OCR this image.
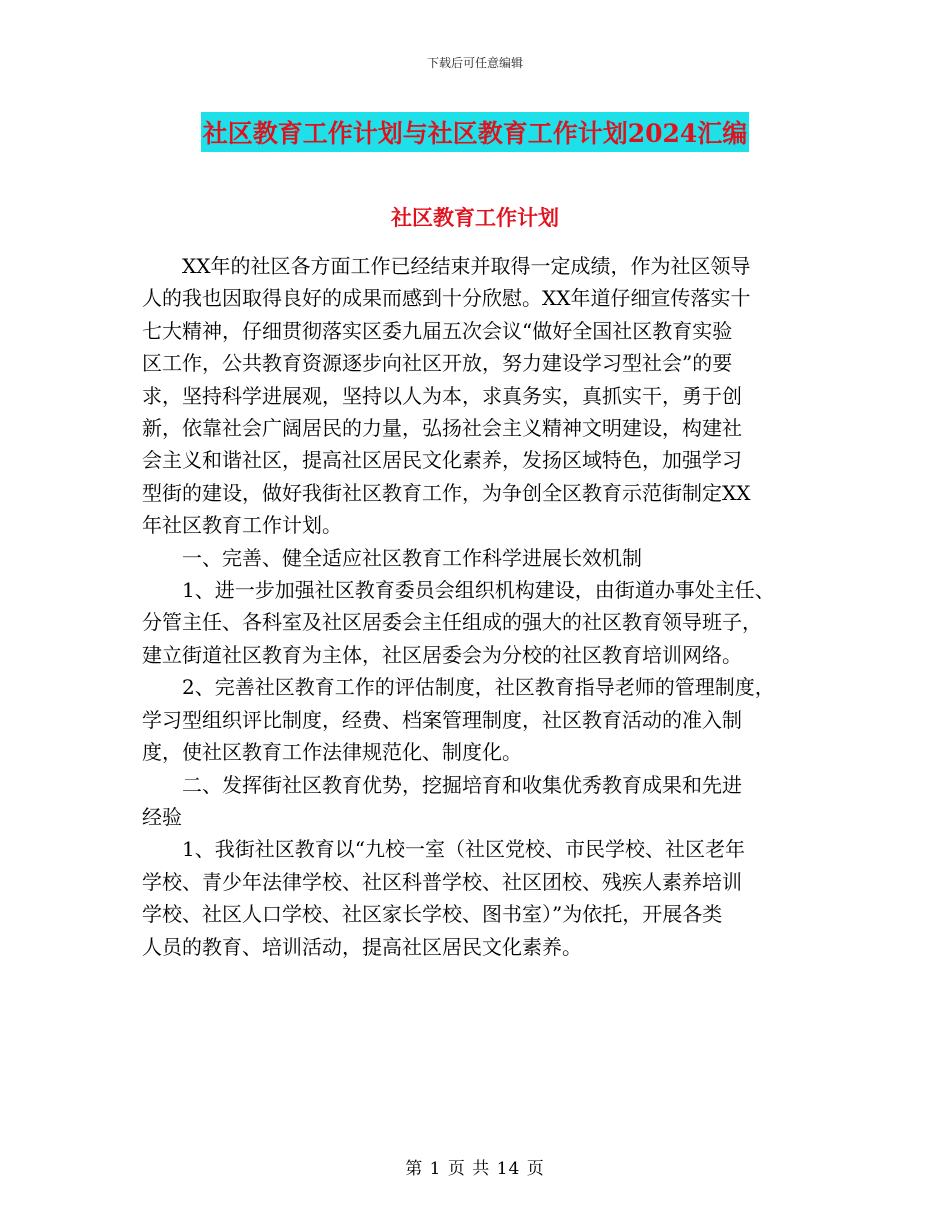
下载后可任意编辑
社区教育工作计划与社区教育工作计划2024汇编
社区教育工作计划

XX年的社区各方面工作已经结束并取得一定成绩，作为社区领导

人的我也因取得良好的成果而感到十分欣慰。XX年道仔细宣传落实十

七大精神，仔细贯彻落实区委九届五次会议“做好全国社区教育实验

区工作，公共教育资源逐步向社区开放，努力建设学习型社会”的要

求，坚持科学进展观，坚持以人为本，求真务实，真抓实干，勇于创

新，依靠社会广阔居民的力量，弘扬社会主义精神文明建设，构建社

会主义和谐社区，提高社区居民文化素养，发扬区域特色，加强学习

型街的建设，做好我街社区教育工作，为争创全区教育示范街制定XX

年社区教育工作计划。

一、完善、健全适应社区教育工作科学进展长效机制

1、进一步加强社区教育委员会组织机构建设，由街道办事处主任、

分管主任、各科室及社区居委会主任组成的强大的社区教育领导班子，

建立街道社区教育为主体，社区居委会为分校的社区教育培训网络。

2、完善社区教育工作的评估制度，社区教育指导老师的管理制度，

学习型组织评比制度，经费、档案管理制度，社区教育活动的准入制

度，使社区教育工作法律规范化、制度化。

二、发挥街社区教育优势，挖掘培育和收集优秀教育成果和先进

经验

1、我街社区教育以“九校一室（社区党校、市民学校、社区老年

学校、青少年法律学校、社区科普学校、社区团校、残疾人素养培训

学校、社区人口学校、社区家长学校、图书室）”为依托，开展各类

人员的教育、培训活动，提高社区居民文化素养。

第 1 页 共 14 页
